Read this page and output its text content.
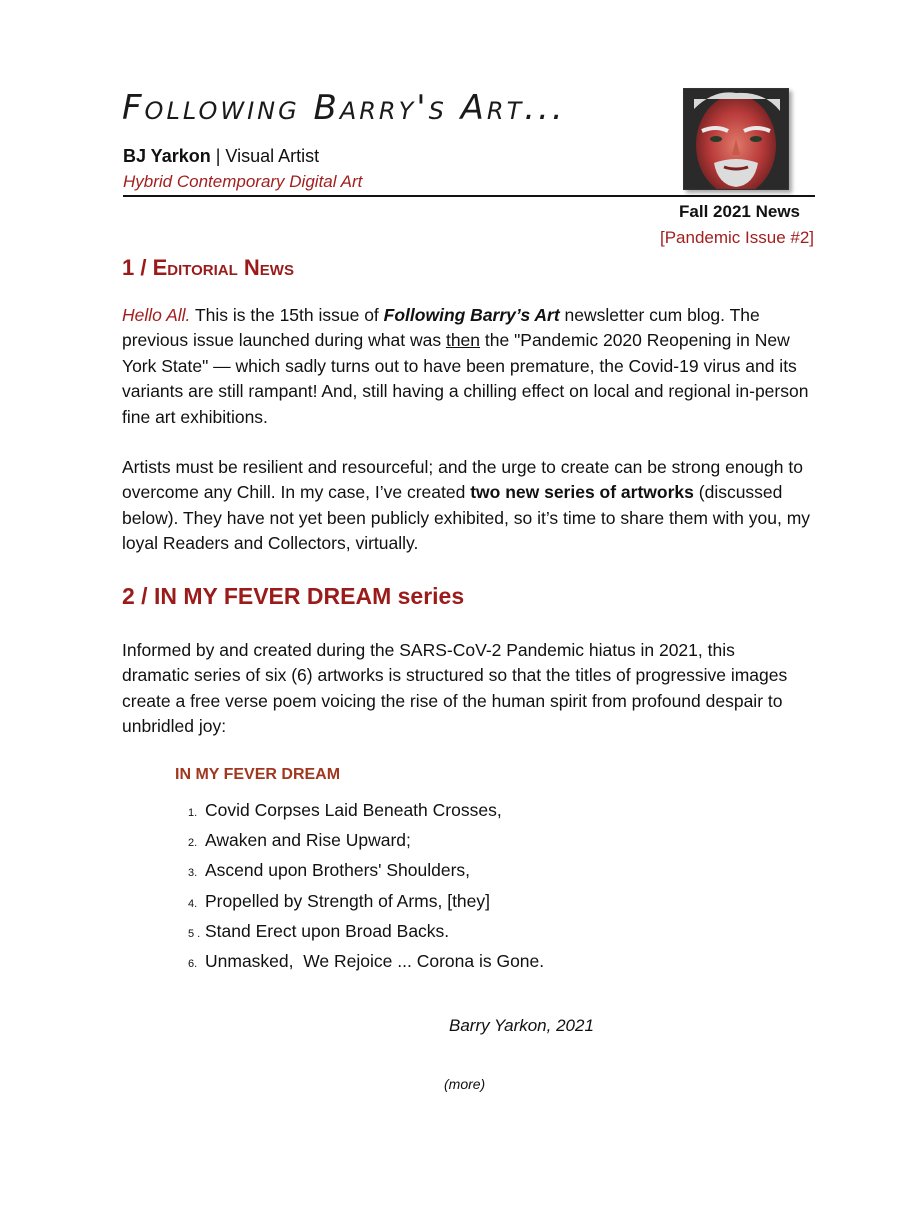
Following Barry's Art...
BJ Yarkon | Visual Artist
Hybrid Contemporary Digital Art
Fall 2021 News
[Pandemic Issue #2]
1 / Editorial News

Hello All. This is the 15th issue of Following Barry’s Art newsletter cum blog. The previous issue launched during what was then the "Pandemic 2020 Reopening in New York State" — which sadly turns out to have been premature, the Covid-19 virus and its variants are still rampant! And, still having a chilling effect on local and regional in-person fine art exhibitions.

Artists must be resilient and resourceful; and the urge to create can be strong enough to overcome any Chill. In my case, I’ve created two new series of artworks (discussed below). They have not yet been publicly exhibited, so it’s time to share them with you, my loyal Readers and Collectors, virtually.

2 / IN MY FEVER DREAM series

Informed by and created during the SARS-CoV-2 Pandemic hiatus in 2021, this dramatic series of six (6) artworks is structured so that the titles of progressive images create a free verse poem voicing the rise of the human spirit from profound despair to unbridled joy:

IN MY FEVER DREAM
1. Covid Corpses Laid Beneath Crosses,
2. Awaken and Rise Upward;
3. Ascend upon Brothers' Shoulders,
4. Propelled by Strength of Arms, [they]
5 . Stand Erect upon Broad Backs.
6. Unmasked,  We Rejoice ... Corona is Gone.
Barry Yarkon, 2021
(more)
